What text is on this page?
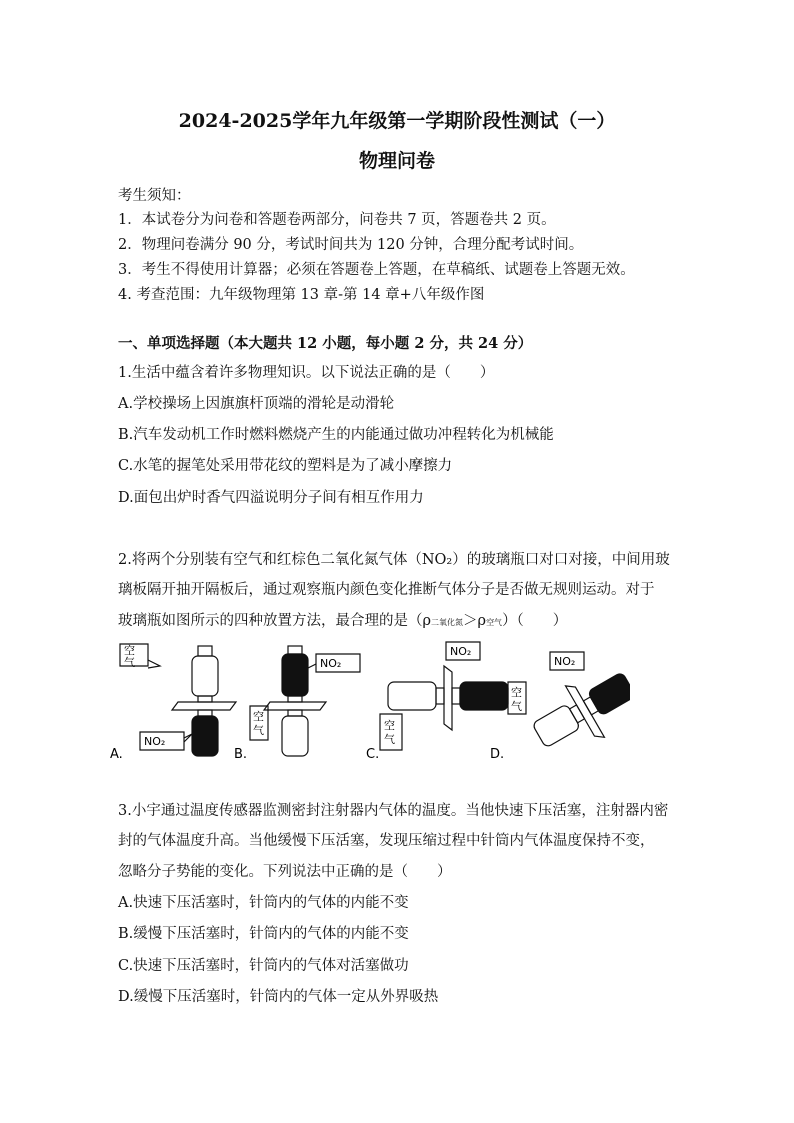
2024-2025学年九年级第一学期阶段性测试（一）
物理问卷
考生须知：
1．本试卷分为问卷和答题卷两部分，问卷共 7 页，答题卷共 2 页。
2．物理问卷满分 90 分，考试时间共为 120 分钟，合理分配考试时间。
3．考生不得使用计算器；必须在答题卷上答题，在草稿纸、试题卷上答题无效。
4. 考查范围：九年级物理第 13 章-第 14 章+八年级作图
一、单项选择题（本大题共 12 小题，每小题 2 分，共 24 分）
1.生活中蕴含着许多物理知识。以下说法正确的是（　　）
A.学校操场上因旗旗杆顶端的滑轮是动滑轮
B.汽车发动机工作时燃料燃烧产生的内能通过做功冲程转化为机械能
C.水笔的握笔处采用带花纹的塑料是为了减小摩擦力
D.面包出炉时香气四溢说明分子间有相互作用力
2.将两个分别装有空气和红棕色二氧化氮气体（NO₂）的玻璃瓶口对口对接，中间用玻
璃板隔开抽开隔板后，通过观察瓶内颜色变化推断气体分子是否做无规则运动。对于
玻璃瓶如图所示的四种放置方法，最合理的是（ρ二氧化氮＞ρ空气）（　　）
空
气
NO₂
NO₂
空
气
NO₂
空
气
NO₂
空
气
A.	B.	C.	D.
3.小宇通过温度传感器监测密封注射器内气体的温度。当他快速下压活塞，注射器内密
封的气体温度升高。当他缓慢下压活塞，发现压缩过程中针筒内气体温度保持不变，
忽略分子势能的变化。下列说法中正确的是（　　）
A.快速下压活塞时，针筒内的气体的内能不变
B.缓慢下压活塞时，针筒内的气体的内能不变
C.快速下压活塞时，针筒内的气体对活塞做功
D.缓慢下压活塞时，针筒内的气体一定从外界吸热
